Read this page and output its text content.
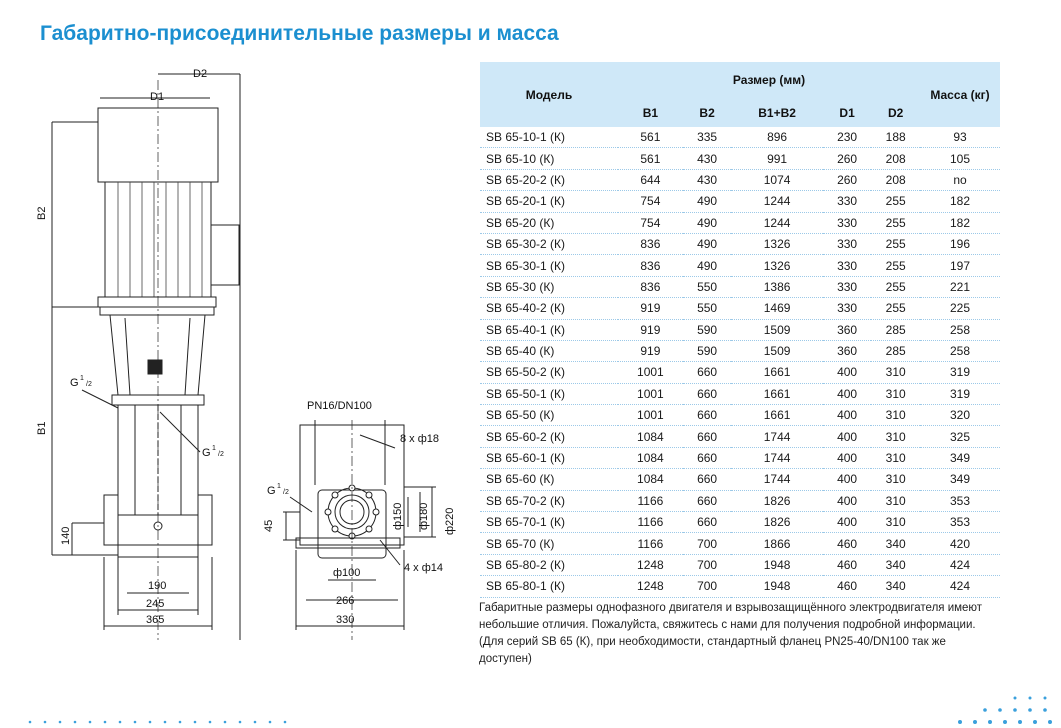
Габаритно-присоединительные размеры и масса
D2
D1
B2
B1
140
190
245
365
G 1
/2
G 1
/2
G 1
/2
PN16/DN100
8 x ф18
4 x ф14
45	ф150 ф180 ф220
ф100
266
330
Модель	Размер (мм)					Масса (кг)
	B1	B2	B1+B2	D1	D2	
SB 65-10-1 (К)	561	335	896	230	188	93
SB 65-10 (К)	561	430	991	260	208	105
SB 65-20-2 (К)	644	430	1074	260	208	no
SB 65-20-1 (К)	754	490	1244	330	255	182
SB 65-20 (К)	754	490	1244	330	255	182
SB 65-30-2 (К)	836	490	1326	330	255	196
SB 65-30-1 (К)	836	490	1326	330	255	197
SB 65-30 (К)	836	550	1386	330	255	221
SB 65-40-2 (К)	919	550	1469	330	255	225
SB 65-40-1 (К)	919	590	1509	360	285	258
SB 65-40 (К)	919	590	1509	360	285	258
SB 65-50-2 (К)	1001	660	1661	400	310	319
SB 65-50-1 (К)	1001	660	1661	400	310	319
SB 65-50 (К)	1001	660	1661	400	310	320
SB 65-60-2 (К)	1084	660	1744	400	310	325
SB 65-60-1 (К)	1084	660	1744	400	310	349
SB 65-60 (К)	1084	660	1744	400	310	349
SB 65-70-2 (К)	1166	660	1826	400	310	353
SB 65-70-1 (К)	1166	660	1826	400	310	353
SB 65-70 (К)	1166	700	1866	460	340	420
SB 65-80-2 (К)	1248	700	1948	460	340	424
SB 65-80-1 (К)	1248	700	1948	460	340	424

Габаритные размеры однофазного двигателя и взрывозащищённого электродвигателя имеют небольшие отличия. Пожалуйста, свяжитесь с нами для получения подробной информации.

(Для серий SB 65 (К), при необходимости, стандартный фланец PN25-40/DN100 так же доступен)
